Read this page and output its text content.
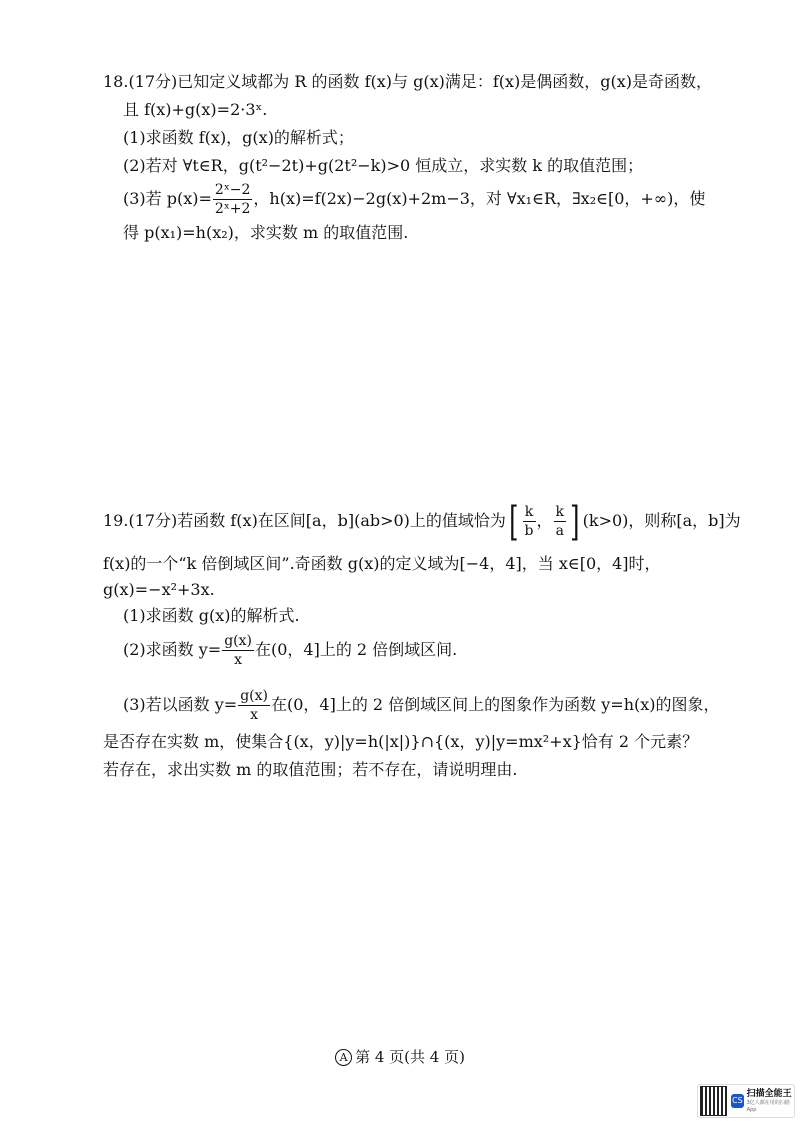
18.(17分)已知定义域都为 R 的函数 f(x)与 g(x)满足：f(x)是偶函数，g(x)是奇函数，
且 f(x)+g(x)=2·3ˣ.
(1)求函数 f(x)，g(x)的解析式；
(2)若对 ∀t∈R，g(t²−2t)+g(2t²−k)>0 恒成立，求实数 k 的取值范围；
(3)若 $p(x)= \frac{\text{2ˣ−2}}{\text{2ˣ+2}}$ ，h(x)=f(2x)−2g(x)+2m−3，对 ∀x₁∈R，∃x₂∈[0，+∞)，使
得 p(x₁)=h(x₂)，求实数 m 的取值范围.
19.(17分)若函数 f(x)在区间[a，b](ab>0)上的值域恰为[ $\frac{k}{b}$ ， $\frac{k}{a}$ ] (k>0)，则称[a，b]为
f(x)的一个“k 倍倒域区间”.奇函数 g(x)的定义域为[−4，4]，当 x∈[0，4]时，
g(x)=−x²+3x.
(1)求函数 g(x)的解析式.
(2)求函数 $y= \frac{g(x)}{x}$ 在(0，4]上的 2 倍倒域区间.
(3)若以函数 $y= \frac{g(x)}{x}$ 在(0，4]上的 2 倍倒域区间上的图象作为函数 y=h(x)的图象，
是否存在实数 m，使集合{(x，y)|y=h(|x|)}∩{(x，y)|y=mx²+x}恰有 2 个元素？
若存在，求出实数 m 的取值范围；若不存在，请说明理由.
A 第 4 页(共 4 页)
CS
扫描全能王
3亿人都在用的扫描App
